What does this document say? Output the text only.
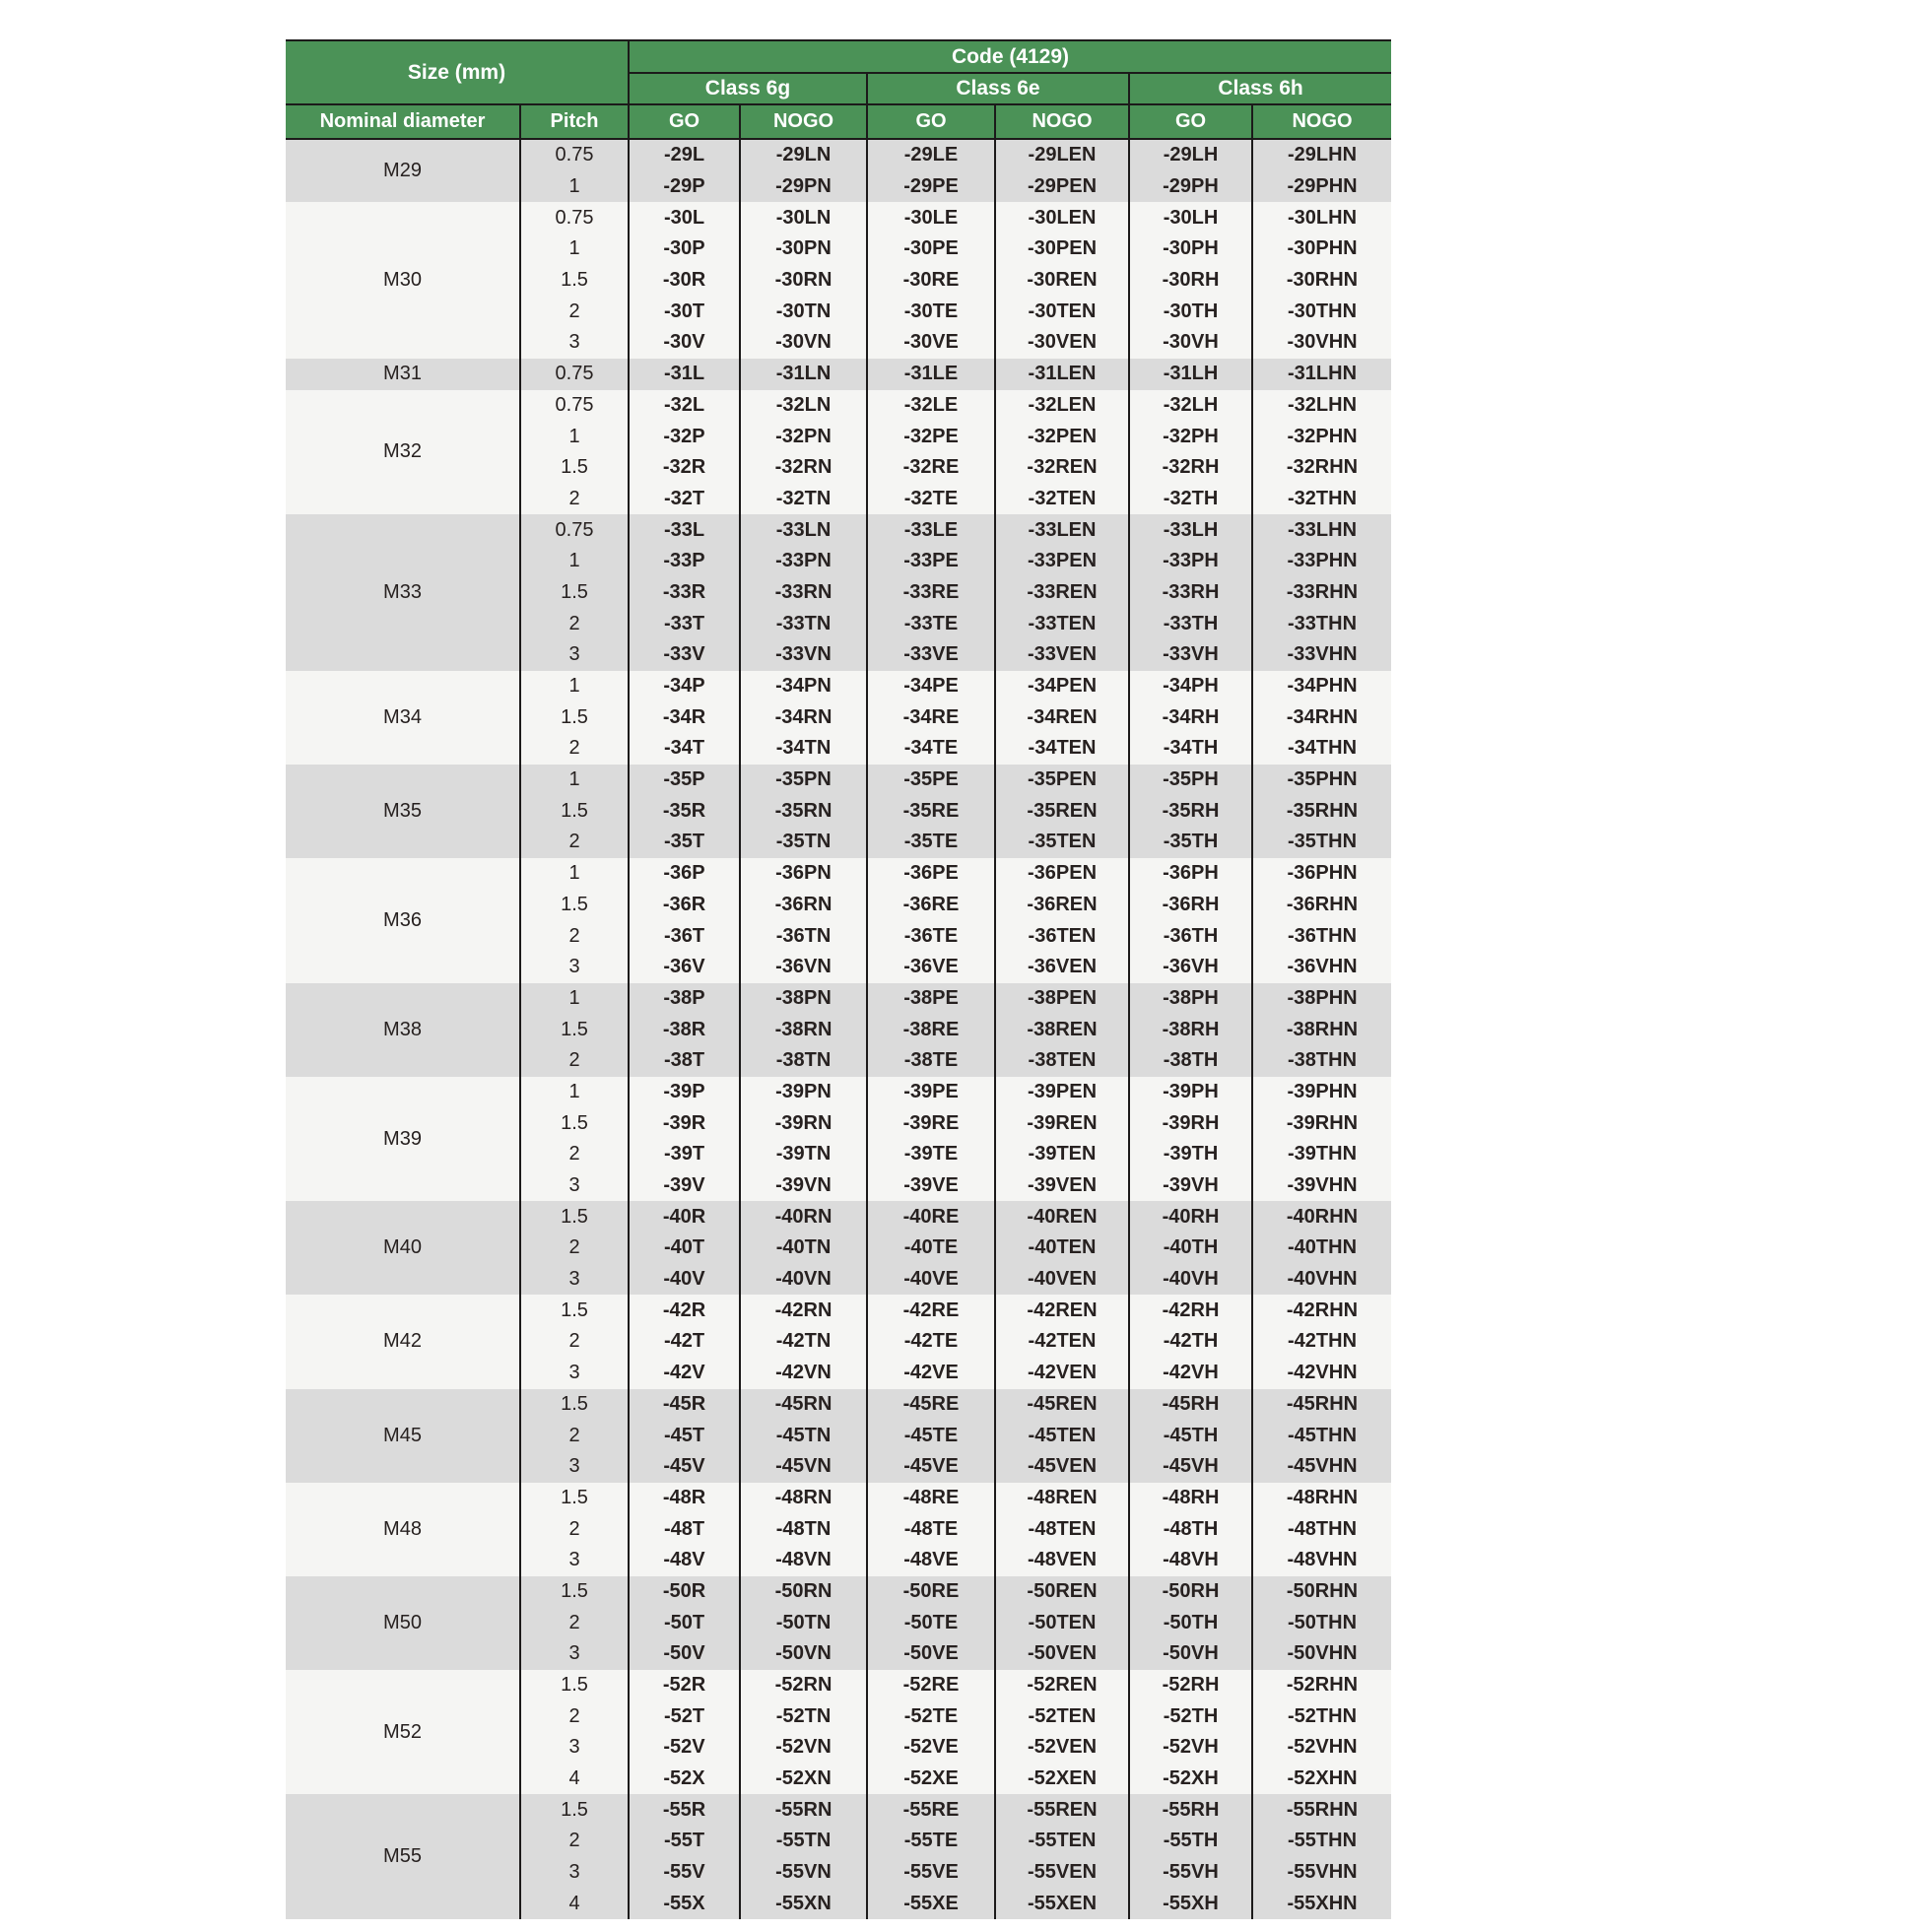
Size (mm)		Code (4129)					
		Class 6g		Class 6e		Class 6h	
Nominal diameter	Pitch	GO	NOGO	GO	NOGO	GO	NOGO
M29	0.75	-29L	-29LN	-29LE	-29LEN	-29LH	-29LHN
	1	-29P	-29PN	-29PE	-29PEN	-29PH	-29PHN
M30	0.75	-30L	-30LN	-30LE	-30LEN	-30LH	-30LHN
	1	-30P	-30PN	-30PE	-30PEN	-30PH	-30PHN
	1.5	-30R	-30RN	-30RE	-30REN	-30RH	-30RHN
	2	-30T	-30TN	-30TE	-30TEN	-30TH	-30THN
	3	-30V	-30VN	-30VE	-30VEN	-30VH	-30VHN
M31	0.75	-31L	-31LN	-31LE	-31LEN	-31LH	-31LHN
M32	0.75	-32L	-32LN	-32LE	-32LEN	-32LH	-32LHN
	1	-32P	-32PN	-32PE	-32PEN	-32PH	-32PHN
	1.5	-32R	-32RN	-32RE	-32REN	-32RH	-32RHN
	2	-32T	-32TN	-32TE	-32TEN	-32TH	-32THN
M33	0.75	-33L	-33LN	-33LE	-33LEN	-33LH	-33LHN
	1	-33P	-33PN	-33PE	-33PEN	-33PH	-33PHN
	1.5	-33R	-33RN	-33RE	-33REN	-33RH	-33RHN
	2	-33T	-33TN	-33TE	-33TEN	-33TH	-33THN
	3	-33V	-33VN	-33VE	-33VEN	-33VH	-33VHN
M34	1	-34P	-34PN	-34PE	-34PEN	-34PH	-34PHN
	1.5	-34R	-34RN	-34RE	-34REN	-34RH	-34RHN
	2	-34T	-34TN	-34TE	-34TEN	-34TH	-34THN
M35	1	-35P	-35PN	-35PE	-35PEN	-35PH	-35PHN
	1.5	-35R	-35RN	-35RE	-35REN	-35RH	-35RHN
	2	-35T	-35TN	-35TE	-35TEN	-35TH	-35THN
M36	1	-36P	-36PN	-36PE	-36PEN	-36PH	-36PHN
	1.5	-36R	-36RN	-36RE	-36REN	-36RH	-36RHN
	2	-36T	-36TN	-36TE	-36TEN	-36TH	-36THN
	3	-36V	-36VN	-36VE	-36VEN	-36VH	-36VHN
M38	1	-38P	-38PN	-38PE	-38PEN	-38PH	-38PHN
	1.5	-38R	-38RN	-38RE	-38REN	-38RH	-38RHN
	2	-38T	-38TN	-38TE	-38TEN	-38TH	-38THN
M39	1	-39P	-39PN	-39PE	-39PEN	-39PH	-39PHN
	1.5	-39R	-39RN	-39RE	-39REN	-39RH	-39RHN
	2	-39T	-39TN	-39TE	-39TEN	-39TH	-39THN
	3	-39V	-39VN	-39VE	-39VEN	-39VH	-39VHN
M40	1.5	-40R	-40RN	-40RE	-40REN	-40RH	-40RHN
	2	-40T	-40TN	-40TE	-40TEN	-40TH	-40THN
	3	-40V	-40VN	-40VE	-40VEN	-40VH	-40VHN
M42	1.5	-42R	-42RN	-42RE	-42REN	-42RH	-42RHN
	2	-42T	-42TN	-42TE	-42TEN	-42TH	-42THN
	3	-42V	-42VN	-42VE	-42VEN	-42VH	-42VHN
M45	1.5	-45R	-45RN	-45RE	-45REN	-45RH	-45RHN
	2	-45T	-45TN	-45TE	-45TEN	-45TH	-45THN
	3	-45V	-45VN	-45VE	-45VEN	-45VH	-45VHN
M48	1.5	-48R	-48RN	-48RE	-48REN	-48RH	-48RHN
	2	-48T	-48TN	-48TE	-48TEN	-48TH	-48THN
	3	-48V	-48VN	-48VE	-48VEN	-48VH	-48VHN
M50	1.5	-50R	-50RN	-50RE	-50REN	-50RH	-50RHN
	2	-50T	-50TN	-50TE	-50TEN	-50TH	-50THN
	3	-50V	-50VN	-50VE	-50VEN	-50VH	-50VHN
M52	1.5	-52R	-52RN	-52RE	-52REN	-52RH	-52RHN
	2	-52T	-52TN	-52TE	-52TEN	-52TH	-52THN
	3	-52V	-52VN	-52VE	-52VEN	-52VH	-52VHN
	4	-52X	-52XN	-52XE	-52XEN	-52XH	-52XHN
M55	1.5	-55R	-55RN	-55RE	-55REN	-55RH	-55RHN
	2	-55T	-55TN	-55TE	-55TEN	-55TH	-55THN
	3	-55V	-55VN	-55VE	-55VEN	-55VH	-55VHN
	4	-55X	-55XN	-55XE	-55XEN	-55XH	-55XHN
